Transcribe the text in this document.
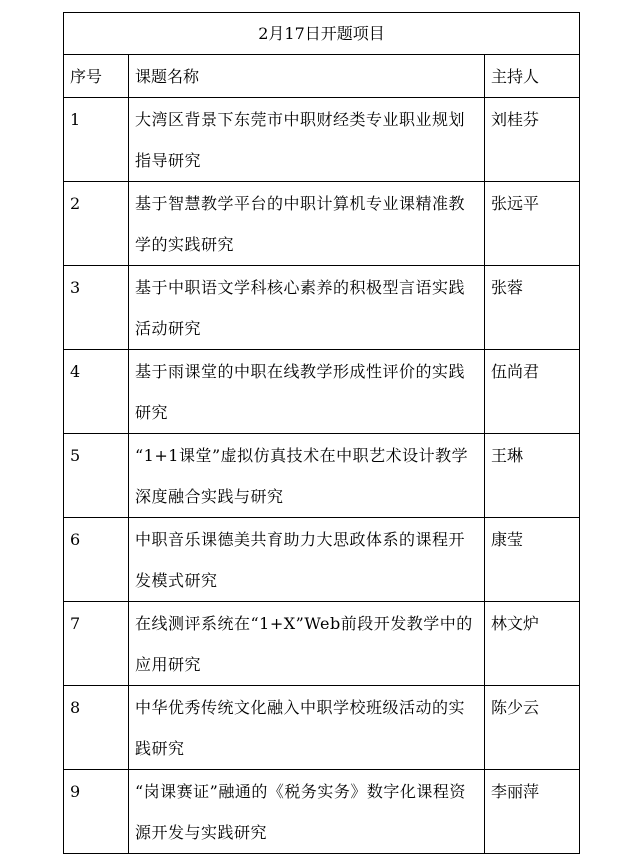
2月17日开题项目		
序号	课题名称	主持人
1	大湾区背景下东莞市中职财经类专业职业规划指导研究	刘桂芬
2	基于智慧教学平台的中职计算机专业课精准教学的实践研究	张远平
3	基于中职语文学科核心素养的积极型言语实践活动研究	张蓉
4	基于雨课堂的中职在线教学形成性评价的实践研究	伍尚君
5	“1+1课堂”虚拟仿真技术在中职艺术设计教学深度融合实践与研究	王琳
6	中职音乐课德美共育助力大思政体系的课程开发模式研究	康莹
7	在线测评系统在“1+X”Web前段开发教学中的应用研究	林文炉
8	中华优秀传统文化融入中职学校班级活动的实践研究	陈少云
9	“岗课赛证”融通的《税务实务》数字化课程资源开发与实践研究	李丽萍
